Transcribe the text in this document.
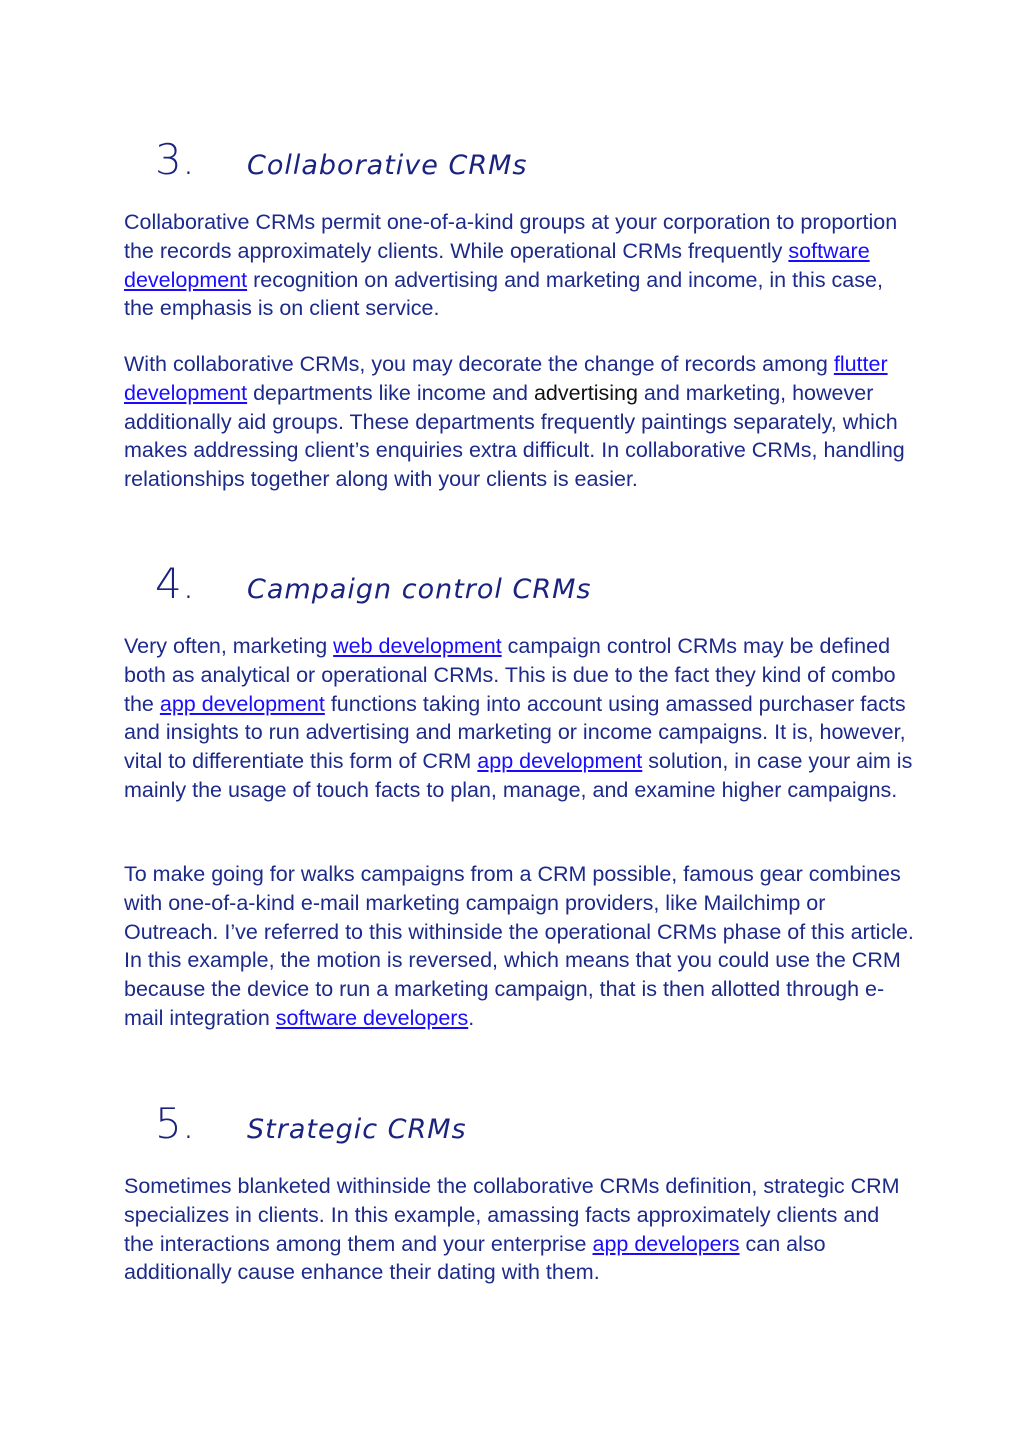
3.	Collaborative CRMs

Collaborative CRMs permit one-of-a-kind groups at your corporation to proportion the records approximately clients. While operational CRMs frequently software development recognition on advertising and marketing and income, in this case, the emphasis is on client service.

With collaborative CRMs, you may decorate the change of records among flutter development departments like income and advertising and marketing, however additionally aid groups. These departments frequently paintings separately, which makes addressing client’s enquiries extra difficult. In collaborative CRMs, handling relationships together along with your clients is easier.

4.	Campaign control CRMs

Very often, marketing web development campaign control CRMs may be defined both as analytical or operational CRMs. This is due to the fact they kind of combo the app development functions taking into account using amassed purchaser facts and insights to run advertising and marketing or income campaigns. It is, however, vital to differentiate this form of CRM app development solution, in case your aim is mainly the usage of touch facts to plan, manage, and examine higher campaigns.

To make going for walks campaigns from a CRM possible, famous gear combines with one-of-a-kind e-mail marketing campaign providers, like Mailchimp or Outreach. I’ve referred to this withinside the operational CRMs phase of this article. In this example, the motion is reversed, which means that you could use the CRM because the device to run a marketing campaign, that is then allotted through e-mail integration software developers.

5.	Strategic CRMs

Sometimes blanketed withinside the collaborative CRMs definition, strategic CRM specializes in clients. In this example, amassing facts approximately clients and the interactions among them and your enterprise app developers can also additionally cause enhance their dating with them.
